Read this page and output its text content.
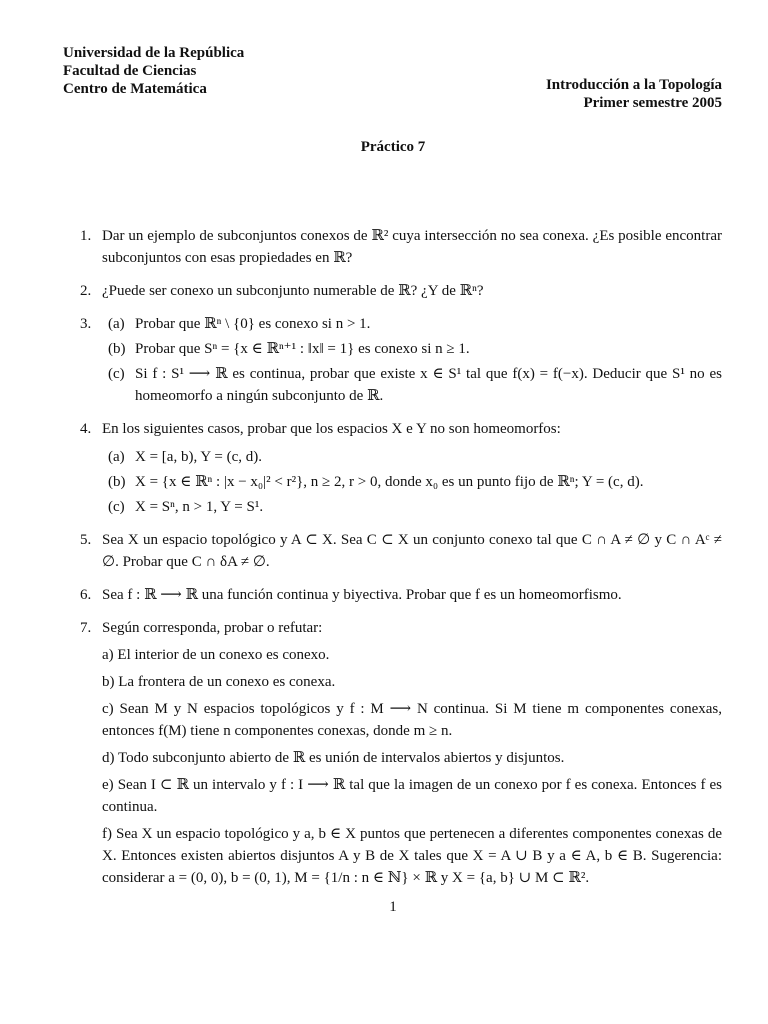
Universidad de la República
Facultad de Ciencias
Centro de Matemática	Introducción a la Topología
Primer semestre 2005
Práctico 7
1. Dar un ejemplo de subconjuntos conexos de ℝ² cuya intersección no sea conexa. ¿Es posible encontrar subconjuntos con esas propiedades en ℝ?
2. ¿Puede ser conexo un subconjunto numerable de ℝ? ¿Y de ℝⁿ?
3. (a) Probar que ℝⁿ \ {0} es conexo si n > 1.
(b) Probar que Sⁿ = {x ∈ ℝⁿ⁺¹ : ‖x‖ = 1} es conexo si n ≥ 1.
(c) Si f : S¹ ⟶ ℝ es continua, probar que existe x ∈ S¹ tal que f(x) = f(−x). Deducir que S¹ no es homeomorfo a ningún subconjunto de ℝ.
4. En los siguientes casos, probar que los espacios X e Y no son homeomorfos:
(a) X = [a, b), Y = (c, d).
(b) X = {x ∈ ℝⁿ : |x − x₀|² < r²}, n ≥ 2, r > 0, donde x₀ es un punto fijo de ℝⁿ; Y = (c, d).
(c) X = Sⁿ, n > 1, Y = S¹.
5. Sea X un espacio topológico y A ⊂ X. Sea C ⊂ X un conjunto conexo tal que C ∩ A ≠ ∅ y C ∩ Aᶜ ≠ ∅. Probar que C ∩ δA ≠ ∅.
6. Sea f : ℝ ⟶ ℝ una función continua y biyectiva. Probar que f es un homeomorfismo.
7. Según corresponda, probar o refutar:
a) El interior de un conexo es conexo.
b) La frontera de un conexo es conexa.
c) Sean M y N espacios topológicos y f : M ⟶ N continua. Si M tiene m componentes conexas, entonces f(M) tiene n componentes conexas, donde m ≥ n.
d) Todo subconjunto abierto de ℝ es unión de intervalos abiertos y disjuntos.
e) Sean I ⊂ ℝ un intervalo y f : I ⟶ ℝ tal que la imagen de un conexo por f es conexa. Entonces f es continua.
f) Sea X un espacio topológico y a, b ∈ X puntos que pertenecen a diferentes componentes conexas de X. Entonces existen abiertos disjuntos A y B de X tales que X = A ∪ B y a ∈ A, b ∈ B. Sugerencia: considerar a = (0, 0), b = (0, 1), M = {1/n : n ∈ ℕ} × ℝ y X = {a, b} ∪ M ⊂ ℝ².
1
